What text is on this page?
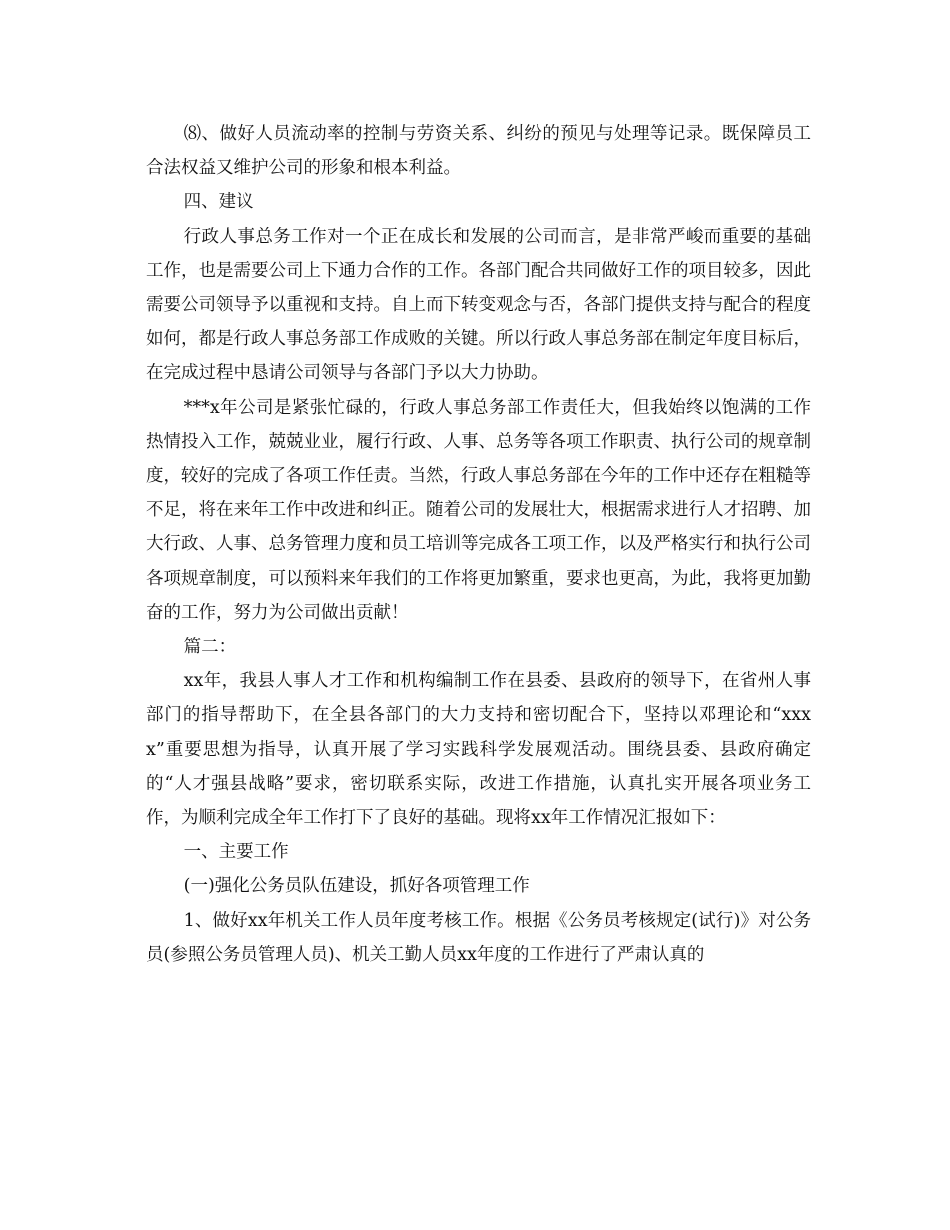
⑻、做好人员流动率的控制与劳资关系、纠纷的预见与处理等记录。既保障员工合法权益又维护公司的形象和根本利益。

四、建议

行政人事总务工作对一个正在成长和发展的公司而言，是非常严峻而重要的基础工作，也是需要公司上下通力合作的工作。各部门配合共同做好工作的项目较多，因此需要公司领导予以重视和支持。自上而下转变观念与否，各部门提供支持与配合的程度如何，都是行政人事总务部工作成败的关键。所以行政人事总务部在制定年度目标后，在完成过程中恳请公司领导与各部门予以大力协助。

***x年公司是紧张忙碌的，行政人事总务部工作责任大，但我始终以饱满的工作热情投入工作，兢兢业业，履行行政、人事、总务等各项工作职责、执行公司的规章制度，较好的完成了各项工作任责。当然，行政人事总务部在今年的工作中还存在粗糙等不足，将在来年工作中改进和纠正。随着公司的发展壮大，根据需求进行人才招聘、加大行政、人事、总务管理力度和员工培训等完成各工项工作，以及严格实行和执行公司各项规章制度，可以预料来年我们的工作将更加繁重，要求也更高，为此，我将更加勤奋的工作，努力为公司做出贡献！

篇二：

xx年，我县人事人才工作和机构编制工作在县委、县政府的领导下，在省州人事部门的指导帮助下，在全县各部门的大力支持和密切配合下，坚持以邓理论和“xxxx”重要思想为指导，认真开展了学习实践科学发展观活动。围绕县委、县政府确定的“人才强县战略”要求，密切联系实际，改进工作措施，认真扎实开展各项业务工作，为顺利完成全年工作打下了良好的基础。现将xx年工作情况汇报如下：

一、主要工作

(一)强化公务员队伍建设，抓好各项管理工作

1、做好xx年机关工作人员年度考核工作。根据《公务员考核规定(试行)》对公务员(参照公务员管理人员)、机关工勤人员xx年度的工作进行了严肃认真的
